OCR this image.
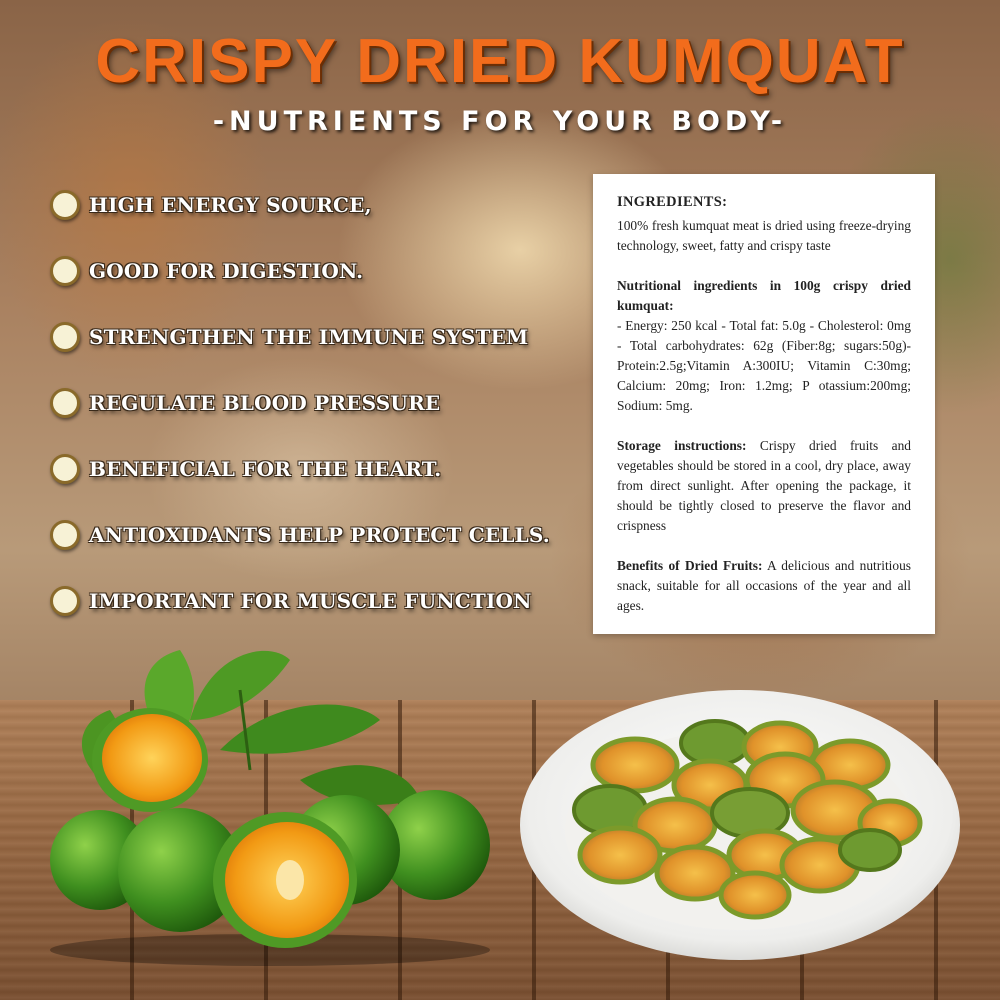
CRISPY DRIED KUMQUAT
-NUTRIENTS FOR YOUR BODY-
HIGH ENERGY SOURCE,
GOOD FOR DIGESTION.
STRENGTHEN THE IMMUNE SYSTEM
REGULATE BLOOD PRESSURE
BENEFICIAL FOR THE HEART.
ANTIOXIDANTS HELP PROTECT CELLS.
IMPORTANT FOR MUSCLE FUNCTION
INGREDIENTS:

100% fresh kumquat meat is dried using freeze-drying technology, sweet, fatty and crispy taste

Nutritional ingredients in 100g crispy dried kumquat:
- Energy: 250 kcal - Total fat: 5.0g - Cholesterol: 0mg - Total carbohydrates: 62g (Fiber:8g; sugars:50g)- Protein:2.5g;Vitamin A:300IU; Vitamin C:30mg; Calcium: 20mg; Iron: 1.2mg; P otassium:200mg; Sodium: 5mg.

Storage instructions: Crispy dried fruits and vegetables should be stored in a cool, dry place, away from direct sunlight. After opening the package, it should be tightly closed to preserve the flavor and crispness

Benefits of Dried Fruits: A delicious and nutritious snack, suitable for all occasions of the year and all ages.
